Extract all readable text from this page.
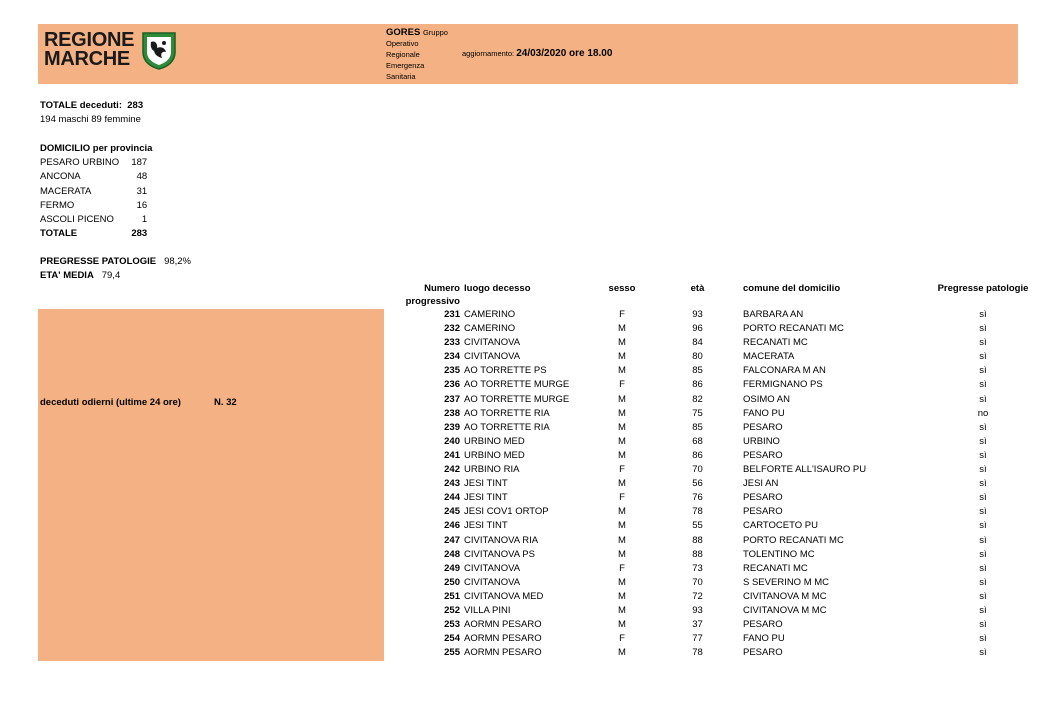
REGIONE
MARCHE
GORES Gruppo
Operativo
Regionale
Emergenza
Sanitaria
aggiornamento: 24/03/2020 ore 18.00
TOTALE deceduti: 283
194 maschi 89 femmine
DOMICILIO per provincia
PESARO URBINO	187
ANCONA	48
MACERATA	31
FERMO	16
ASCOLI PICENO	1
TOTALE	283
PREGRESSE PATOLOGIE 98,2%
ETA' MEDIA 79,4
deceduti odierni (ultime 24 ore)	N. 32
Numero progressivo	luogo decesso	sesso	età	comune del domicilio	Pregresse patologie
231	CAMERINO	F	93	BARBARA AN	sì
232	CAMERINO	M	96	PORTO RECANATI MC	sì
233	CIVITANOVA	M	84	RECANATI MC	sì
234	CIVITANOVA	M	80	MACERATA	sì
235	AO TORRETTE PS	M	85	FALCONARA M AN	sì
236	AO TORRETTE MURGE	F	86	FERMIGNANO PS	sì
237	AO TORRETTE MURGE	M	82	OSIMO AN	sì
238	AO TORRETTE RIA	M	75	FANO PU	no
239	AO TORRETTE RIA	M	85	PESARO	sì
240	URBINO MED	M	68	URBINO	sì
241	URBINO MED	M	86	PESARO	sì
242	URBINO RIA	F	70	BELFORTE ALL'ISAURO PU	sì
243	JESI TINT	M	56	JESI AN	sì
244	JESI TINT	F	76	PESARO	sì
245	JESI COV1 ORTOP	M	78	PESARO	sì
246	JESI TINT	M	55	CARTOCETO PU	sì
247	CIVITANOVA RIA	M	88	PORTO RECANATI MC	sì
248	CIVITANOVA PS	M	88	TOLENTINO MC	sì
249	CIVITANOVA	F	73	RECANATI MC	sì
250	CIVITANOVA	M	70	S SEVERINO M MC	sì
251	CIVITANOVA MED	M	72	CIVITANOVA M MC	sì
252	VILLA PINI	M	93	CIVITANOVA M MC	sì
253	AORMN PESARO	M	37	PESARO	sì
254	AORMN PESARO	F	77	FANO PU	sì
255	AORMN PESARO	M	78	PESARO	sì
